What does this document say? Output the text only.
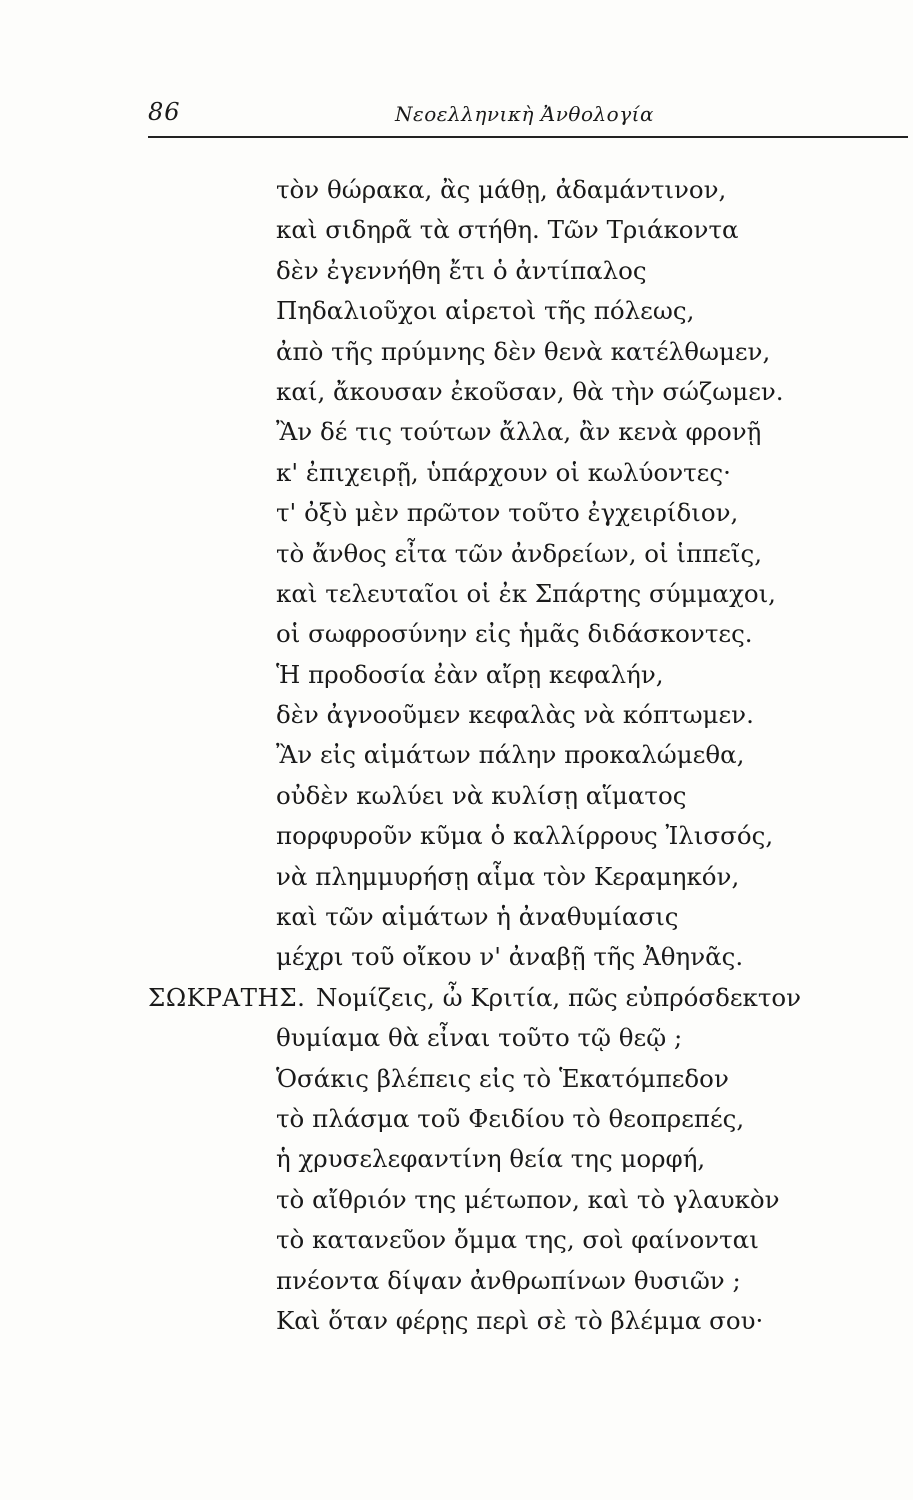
86	Νεοελληνικὴ Ἀνθολογία
τὸν θώρακα, ἂς μάθῃ, ἀδαμάντινον,
καὶ σιδηρᾶ τὰ στήθη. Τῶν Τριάκοντα
δὲν ἐγεννήθη ἔτι ὁ ἀντίπαλος
Πηδαλιοῦχοι αἱρετοὶ τῆς πόλεως,
ἀπὸ τῆς πρύμνης δὲν θενὰ κατέλθωμεν,
καί, ἄκουσαν ἐκοῦσαν, θὰ τὴν σώζωμεν.
Ἂν δέ τις τούτων ἄλλα, ἂν κενὰ φρονῇ
κ' ἐπιχειρῇ, ὑπάρχουν οἱ κωλύοντες·
τ' ὀξὺ μὲν πρῶτον τοῦτο ἐγχειρίδιον,
τὸ ἄνθος εἶτα τῶν ἀνδρείων, οἱ ἱππεῖς,
καὶ τελευταῖοι οἱ ἐκ Σπάρτης σύμμαχοι,
οἱ σωφροσύνην εἰς ἡμᾶς διδάσκοντες.
Ἡ προδοσία ἐὰν αἴρῃ κεφαλήν,
δὲν ἀγνοοῦμεν κεφαλὰς νὰ κόπτωμεν.
Ἂν εἰς αἱμάτων πάλην προκαλώμεθα,
οὐδὲν κωλύει νὰ κυλίσῃ αἵματος
πορφυροῦν κῦμα ὁ καλλίρρους Ἰλισσός,
νὰ πλημμυρήσῃ αἷμα τὸν Κεραμηκόν,
καὶ τῶν αἱμάτων ἡ ἀναθυμίασις
μέχρι τοῦ οἴκου ν' ἀναβῇ τῆς Ἀθηνᾶς.
ΣΩΚΡΑΤΗΣ. Νομίζεις, ὦ Κριτία, πῶς εὐπρόσδεκτον
θυμίαμα θὰ εἶναι τοῦτο τῷ θεῷ ;
Ὁσάκις βλέπεις εἰς τὸ Ἑκατόμπεδον
τὸ πλάσμα τοῦ Φειδίου τὸ θεοπρεπές,
ἡ χρυσελεφαντίνη θεία της μορφή,
τὸ αἴθριόν της μέτωπον, καὶ τὸ γλαυκὸν
τὸ κατανεῦον ὄμμα της, σοὶ φαίνονται
πνέοντα δίψαν ἀνθρωπίνων θυσιῶν ;
Καὶ ὅταν φέρῃς περὶ σὲ τὸ βλέμμα σου·
